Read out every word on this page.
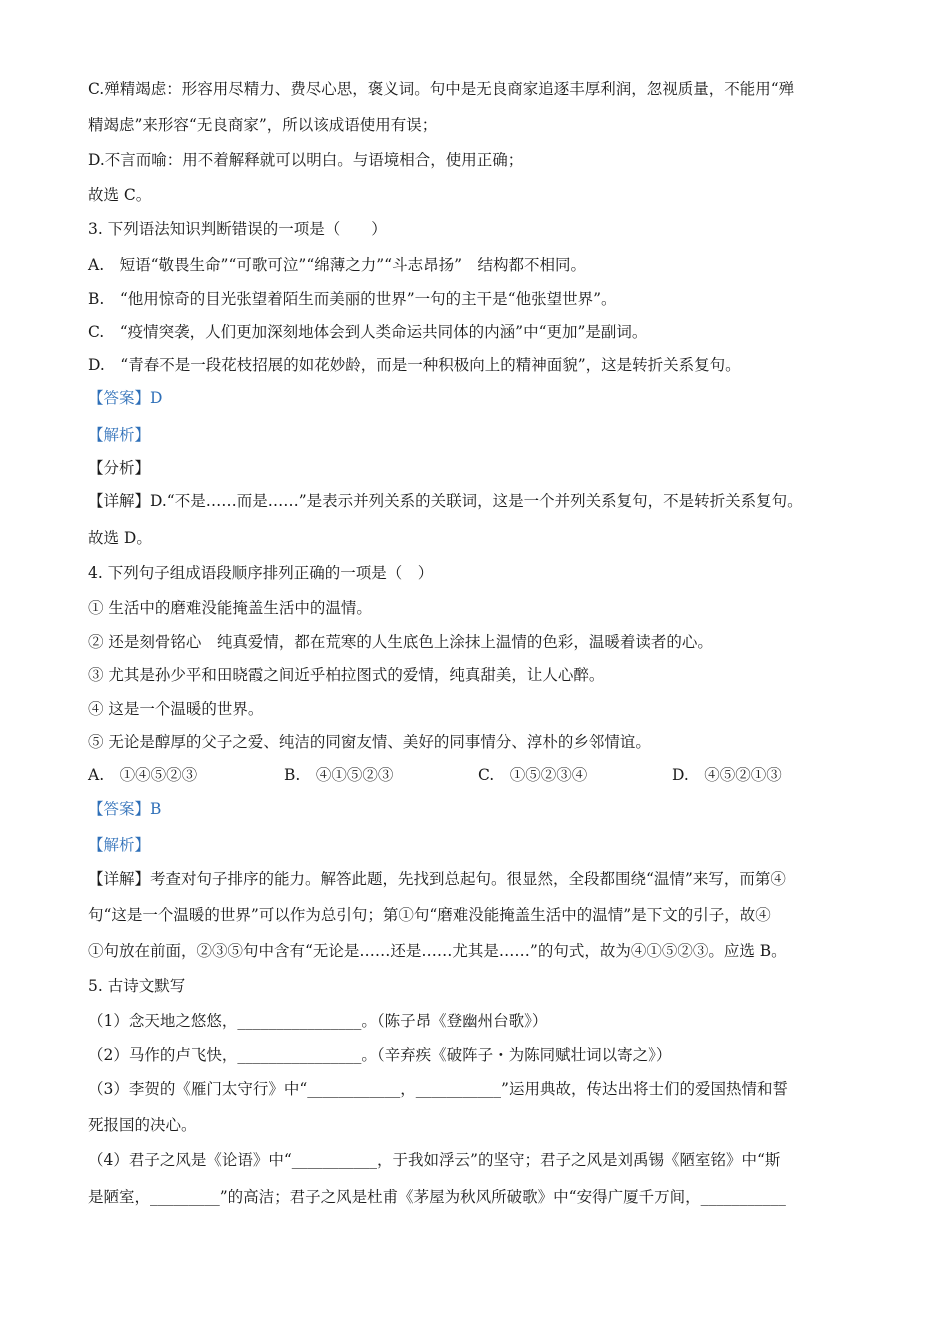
C.殚精竭虑：形容用尽精力、费尽心思，褒义词。句中是无良商家追逐丰厚利润，忽视质量，不能用“殚
精竭虑”来形容“无良商家”，所以该成语使用有误；
D.不言而喻：用不着解释就可以明白。与语境相合，使用正确；
故选 C。
3. 下列语法知识判断错误的一项是（　　）
A.　短语“敬畏生命”“可歌可泣”“绵薄之力”“斗志昂扬”　结构都不相同。
B.　“他用惊奇的目光张望着陌生而美丽的世界”一句的主干是“他张望世界”。
C.　“疫情突袭，人们更加深刻地体会到人类命运共同体的内涵”中“更加”是副词。
D.　“青春不是一段花枝招展的如花妙龄，而是一种积极向上的精神面貌”，这是转折关系复句。
【答案】D
【解析】
【分析】
【详解】D.“不是……而是……”是表示并列关系的关联词，这是一个并列关系复句，不是转折关系复句。
故选 D。
4. 下列句子组成语段顺序排列正确的一项是（　）
① 生活中的磨难没能掩盖生活中的温情。
② 还是刻骨铭心　纯真爱情，都在荒寒的人生底色上涂抹上温情的色彩，温暖着读者的心。
③ 尤其是孙少平和田晓霞之间近乎柏拉图式的爱情，纯真甜美，让人心醉。
④ 这是一个温暖的世界。
⑤ 无论是醇厚的父子之爱、纯洁的同窗友情、美好的同事情分、淳朴的乡邻情谊。
A.　①④⑤②③	B.　④①⑤②③	C.　①⑤②③④	D.　④⑤②①③
【答案】B
【解析】
【详解】考查对句子排序的能力。解答此题，先找到总起句。很显然，全段都围绕“温情”来写，而第④
句“这是一个温暖的世界”可以作为总引句；第①句“磨难没能掩盖生活中的温情”是下文的引子，故④
①句放在前面，②③⑤句中含有“无论是……还是……尤其是……”的句式，故为④①⑤②③。应选 B。
5. 古诗文默写
（1）念天地之悠悠，________________。（陈子昂《登幽州台歌》）
（2）马作的卢飞快，________________。（辛弃疾《破阵子・为陈同赋壮词以寄之》）
（3）李贺的《雁门太守行》中“____________，___________”运用典故，传达出将士们的爱国热情和誓
死报国的决心。
（4）君子之风是《论语》中“___________，于我如浮云”的坚守；君子之风是刘禹锡《陋室铭》中“斯
是陋室，_________”的高洁；君子之风是杜甫《茅屋为秋风所破歌》中“安得广厦千万间，___________
